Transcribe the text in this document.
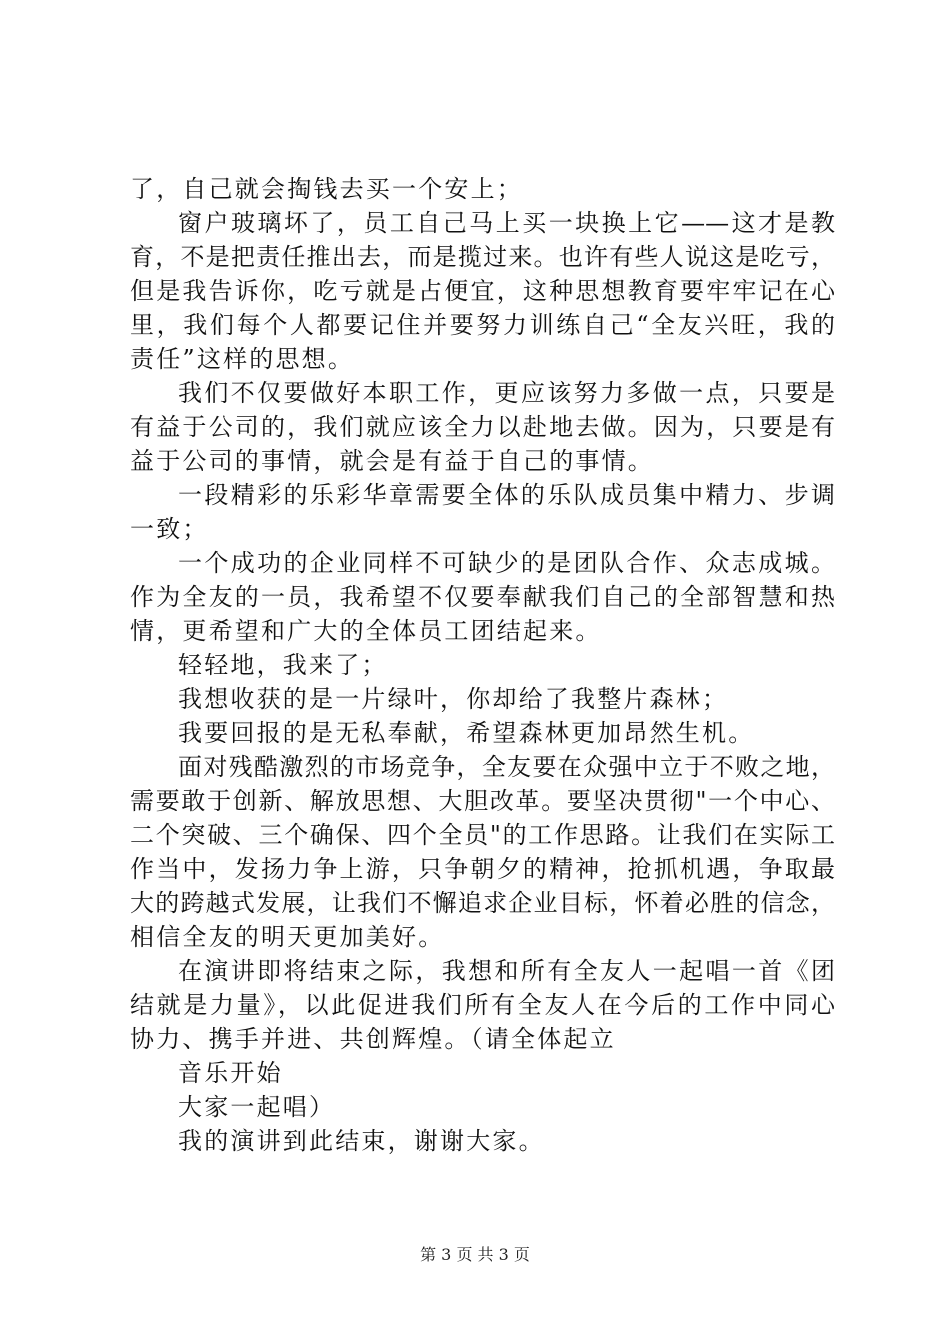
了，自己就会掏钱去买一个安上；
窗户玻璃坏了，员工自己马上买一块换上它——这才是教
育，不是把责任推出去，而是揽过来。也许有些人说这是吃亏，
但是我告诉你，吃亏就是占便宜，这种思想教育要牢牢记在心
里，我们每个人都要记住并要努力训练自己“全友兴旺，我的
责任”这样的思想。
我们不仅要做好本职工作，更应该努力多做一点，只要是
有益于公司的，我们就应该全力以赴地去做。因为，只要是有
益于公司的事情，就会是有益于自己的事情。
一段精彩的乐彩华章需要全体的乐队成员集中精力、步调
一致；
一个成功的企业同样不可缺少的是团队合作、众志成城。
作为全友的一员，我希望不仅要奉献我们自己的全部智慧和热
情，更希望和广大的全体员工团结起来。
轻轻地，我来了；
我想收获的是一片绿叶，你却给了我整片森林；
我要回报的是无私奉献，希望森林更加昂然生机。
面对残酷激烈的市场竞争，全友要在众强中立于不败之地，
需要敢于创新、解放思想、大胆改革。要坚决贯彻"一个中心、
二个突破、三个确保、四个全员"的工作思路。让我们在实际工
作当中，发扬力争上游，只争朝夕的精神，抢抓机遇，争取最
大的跨越式发展，让我们不懈追求企业目标，怀着必胜的信念，
相信全友的明天更加美好。
在演讲即将结束之际，我想和所有全友人一起唱一首《团
结就是力量》，以此促进我们所有全友人在今后的工作中同心
协力、携手并进、共创辉煌。（请全体起立
音乐开始
大家一起唱）
我的演讲到此结束，谢谢大家。
第 3 页 共 3 页
